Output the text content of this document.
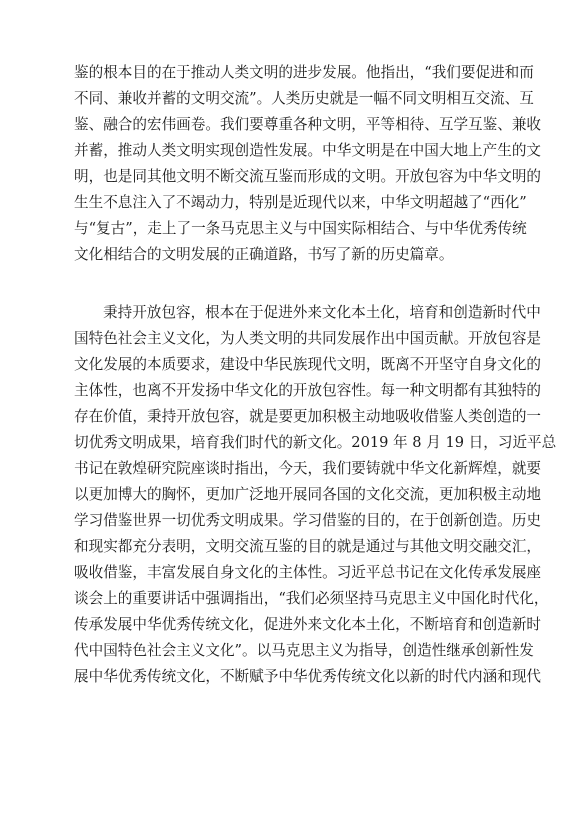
鉴的根本目的在于推动人类文明的进步发展。他指出，“我们要促进和而
不同、兼收并蓄的文明交流”。人类历史就是一幅不同文明相互交流、互
鉴、融合的宏伟画卷。我们要尊重各种文明，平等相待、互学互鉴、兼收
并蓄，推动人类文明实现创造性发展。中华文明是在中国大地上产生的文
明，也是同其他文明不断交流互鉴而形成的文明。开放包容为中华文明的
生生不息注入了不竭动力，特别是近现代以来，中华文明超越了“西化”
与“复古”，走上了一条马克思主义与中国实际相结合、与中华优秀传统
文化相结合的文明发展的正确道路，书写了新的历史篇章。
秉持开放包容，根本在于促进外来文化本土化，培育和创造新时代中
国特色社会主义文化，为人类文明的共同发展作出中国贡献。开放包容是
文化发展的本质要求，建设中华民族现代文明，既离不开坚守自身文化的
主体性，也离不开发扬中华文化的开放包容性。每一种文明都有其独特的
存在价值，秉持开放包容，就是要更加积极主动地吸收借鉴人类创造的一
切优秀文明成果，培育我们时代的新文化。2019 年 8 月 19 日，习近平总
书记在敦煌研究院座谈时指出，今天，我们要铸就中华文化新辉煌，就要
以更加博大的胸怀，更加广泛地开展同各国的文化交流，更加积极主动地
学习借鉴世界一切优秀文明成果。学习借鉴的目的，在于创新创造。历史
和现实都充分表明，文明交流互鉴的目的就是通过与其他文明交融交汇，
吸收借鉴，丰富发展自身文化的主体性。习近平总书记在文化传承发展座
谈会上的重要讲话中强调指出，“我们必须坚持马克思主义中国化时代化，
传承发展中华优秀传统文化，促进外来文化本土化，不断培育和创造新时
代中国特色社会主义文化”。以马克思主义为指导，创造性继承创新性发
展中华优秀传统文化，不断赋予中华优秀传统文化以新的时代内涵和现代
